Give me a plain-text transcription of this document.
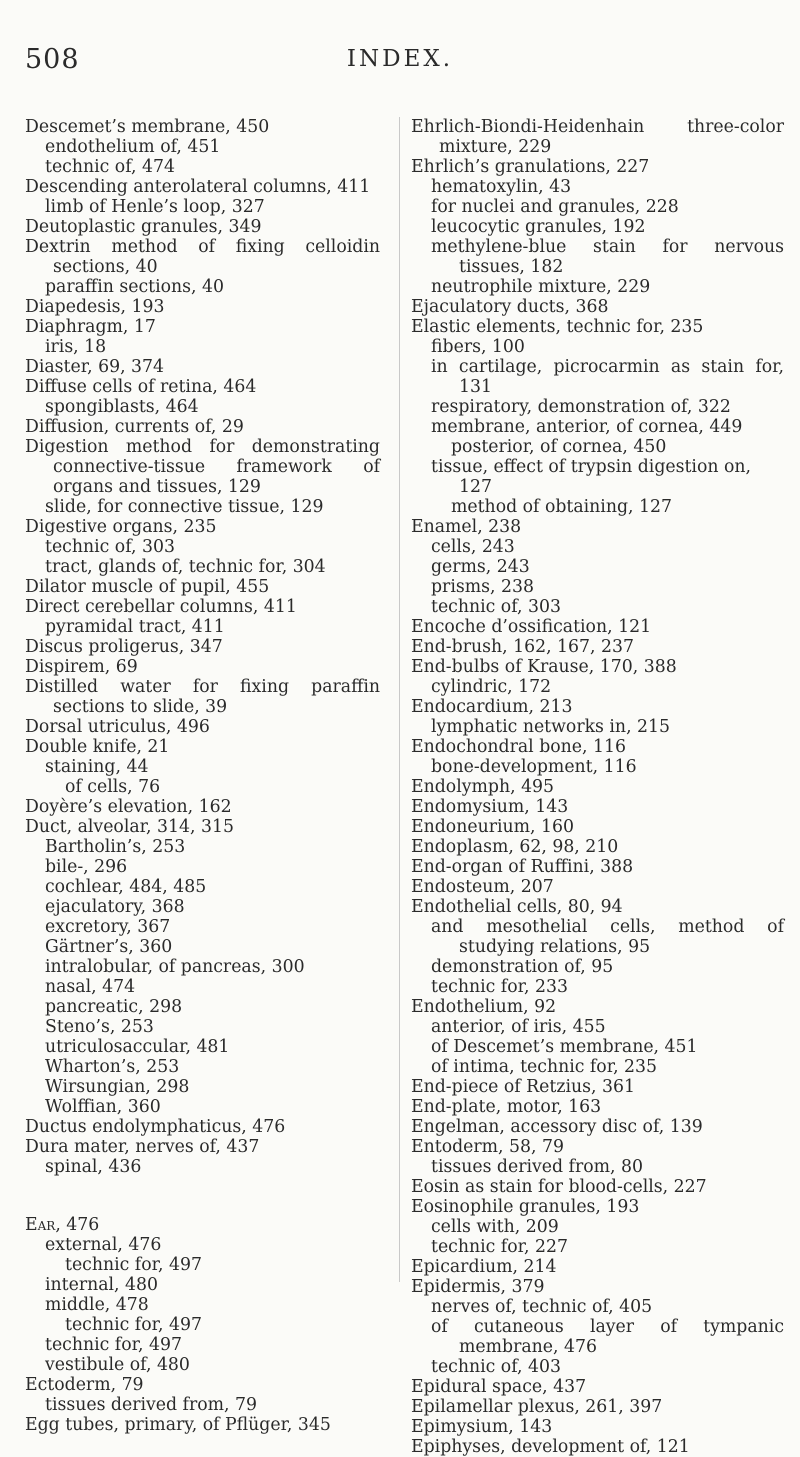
508	INDEX.
Descemet’s membrane, 450
endothelium of, 451
technic of, 474
Descending anterolateral columns, 411
limb of Henle’s loop, 327
Deutoplastic granules, 349
Dextrin method of fixing celloidin sections, 40
paraffin sections, 40
Diapedesis, 193
Diaphragm, 17
iris, 18
Diaster, 69, 374
Diffuse cells of retina, 464
spongiblasts, 464
Diffusion, currents of, 29
Digestion method for demonstrating connective-tissue framework of organs and tissues, 129
slide, for connective tissue, 129
Digestive organs, 235
technic of, 303
tract, glands of, technic for, 304
Dilator muscle of pupil, 455
Direct cerebellar columns, 411
pyramidal tract, 411
Discus proligerus, 347
Dispirem, 69
Distilled water for fixing paraffin sections to slide, 39
Dorsal utriculus, 496
Double knife, 21
staining, 44
of cells, 76
Doyère’s elevation, 162
Duct, alveolar, 314, 315
Bartholin’s, 253
bile-, 296
cochlear, 484, 485
ejaculatory, 368
excretory, 367
Gärtner’s, 360
intralobular, of pancreas, 300
nasal, 474
pancreatic, 298
Steno’s, 253
utriculosaccular, 481
Wharton’s, 253
Wirsungian, 298
Wolffian, 360
Ductus endolymphaticus, 476
Dura mater, nerves of, 437
spinal, 436
Ear, 476
external, 476
technic for, 497
internal, 480
middle, 478
technic for, 497
technic for, 497
vestibule of, 480
Ectoderm, 79
tissues derived from, 79
Egg tubes, primary, of Pflüger, 345
Ehrlich-Biondi-Heidenhain three-color mixture, 229
Ehrlich’s granulations, 227
hematoxylin, 43
for nuclei and granules, 228
leucocytic granules, 192
methylene-blue stain for nervous tissues, 182
neutrophile mixture, 229
Ejaculatory ducts, 368
Elastic elements, technic for, 235
fibers, 100
in cartilage, picrocarmin as stain for, 131
respiratory, demonstration of, 322
membrane, anterior, of cornea, 449
posterior, of cornea, 450
tissue, effect of trypsin digestion on, 127
method of obtaining, 127
Enamel, 238
cells, 243
germs, 243
prisms, 238
technic of, 303
Encoche d’ossification, 121
End-brush, 162, 167, 237
End-bulbs of Krause, 170, 388
cylindric, 172
Endocardium, 213
lymphatic networks in, 215
Endochondral bone, 116
bone-development, 116
Endolymph, 495
Endomysium, 143
Endoneurium, 160
Endoplasm, 62, 98, 210
End-organ of Ruffini, 388
Endosteum, 207
Endothelial cells, 80, 94
and mesothelial cells, method of studying relations, 95
demonstration of, 95
technic for, 233
Endothelium, 92
anterior, of iris, 455
of Descemet’s membrane, 451
of intima, technic for, 235
End-piece of Retzius, 361
End-plate, motor, 163
Engelman, accessory disc of, 139
Entoderm, 58, 79
tissues derived from, 80
Eosin as stain for blood-cells, 227
Eosinophile granules, 193
cells with, 209
technic for, 227
Epicardium, 214
Epidermis, 379
nerves of, technic of, 405
of cutaneous layer of tympanic membrane, 476
technic of, 403
Epidural space, 437
Epilamellar plexus, 261, 397
Epimysium, 143
Epiphyses, development of, 121
